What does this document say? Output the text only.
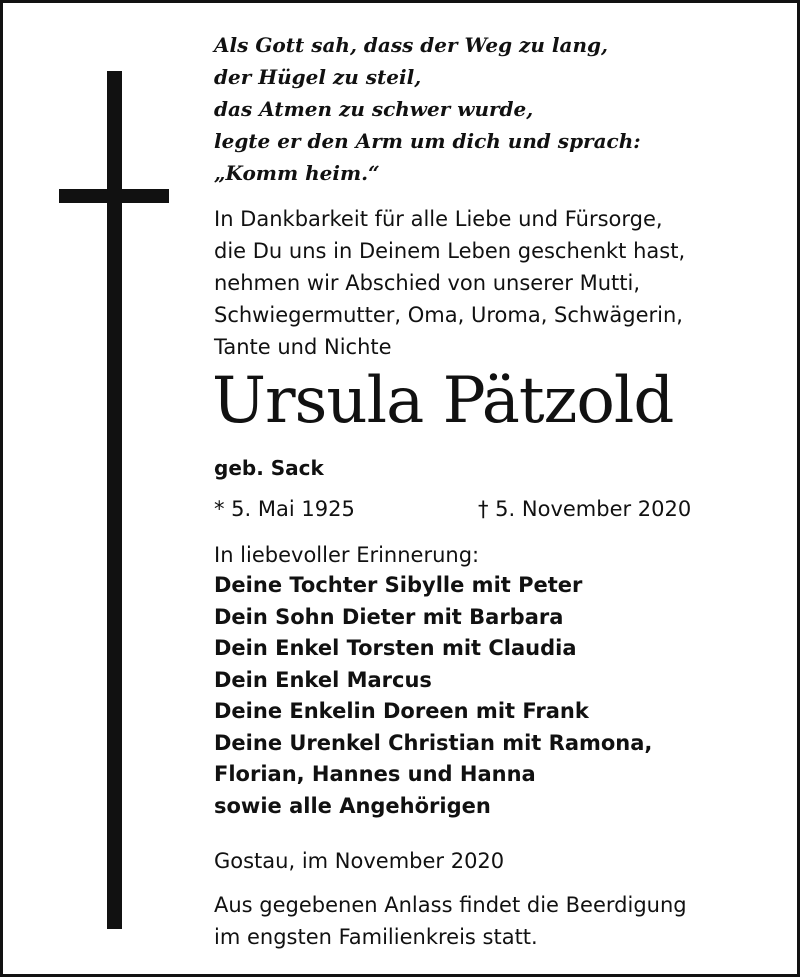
Als Gott sah, dass der Weg zu lang,
der Hügel zu steil,
das Atmen zu schwer wurde,
legte er den Arm um dich und sprach:
„Komm heim.“
In Dankbarkeit für alle Liebe und Fürsorge,
die Du uns in Deinem Leben geschenkt hast,
nehmen wir Abschied von unserer Mutti,
Schwiegermutter, Oma, Uroma, Schwägerin,
Tante und Nichte
Ursula Pätzold
geb. Sack
* 5. Mai 1925	† 5. November 2020
In liebevoller Erinnerung:
Deine Tochter Sibylle mit Peter
Dein Sohn Dieter mit Barbara
Dein Enkel Torsten mit Claudia
Dein Enkel Marcus
Deine Enkelin Doreen mit Frank
Deine Urenkel Christian mit Ramona,
Florian, Hannes und Hanna
sowie alle Angehörigen
Gostau, im November 2020
Aus gegebenen Anlass findet die Beerdigung
im engsten Familienkreis statt.
